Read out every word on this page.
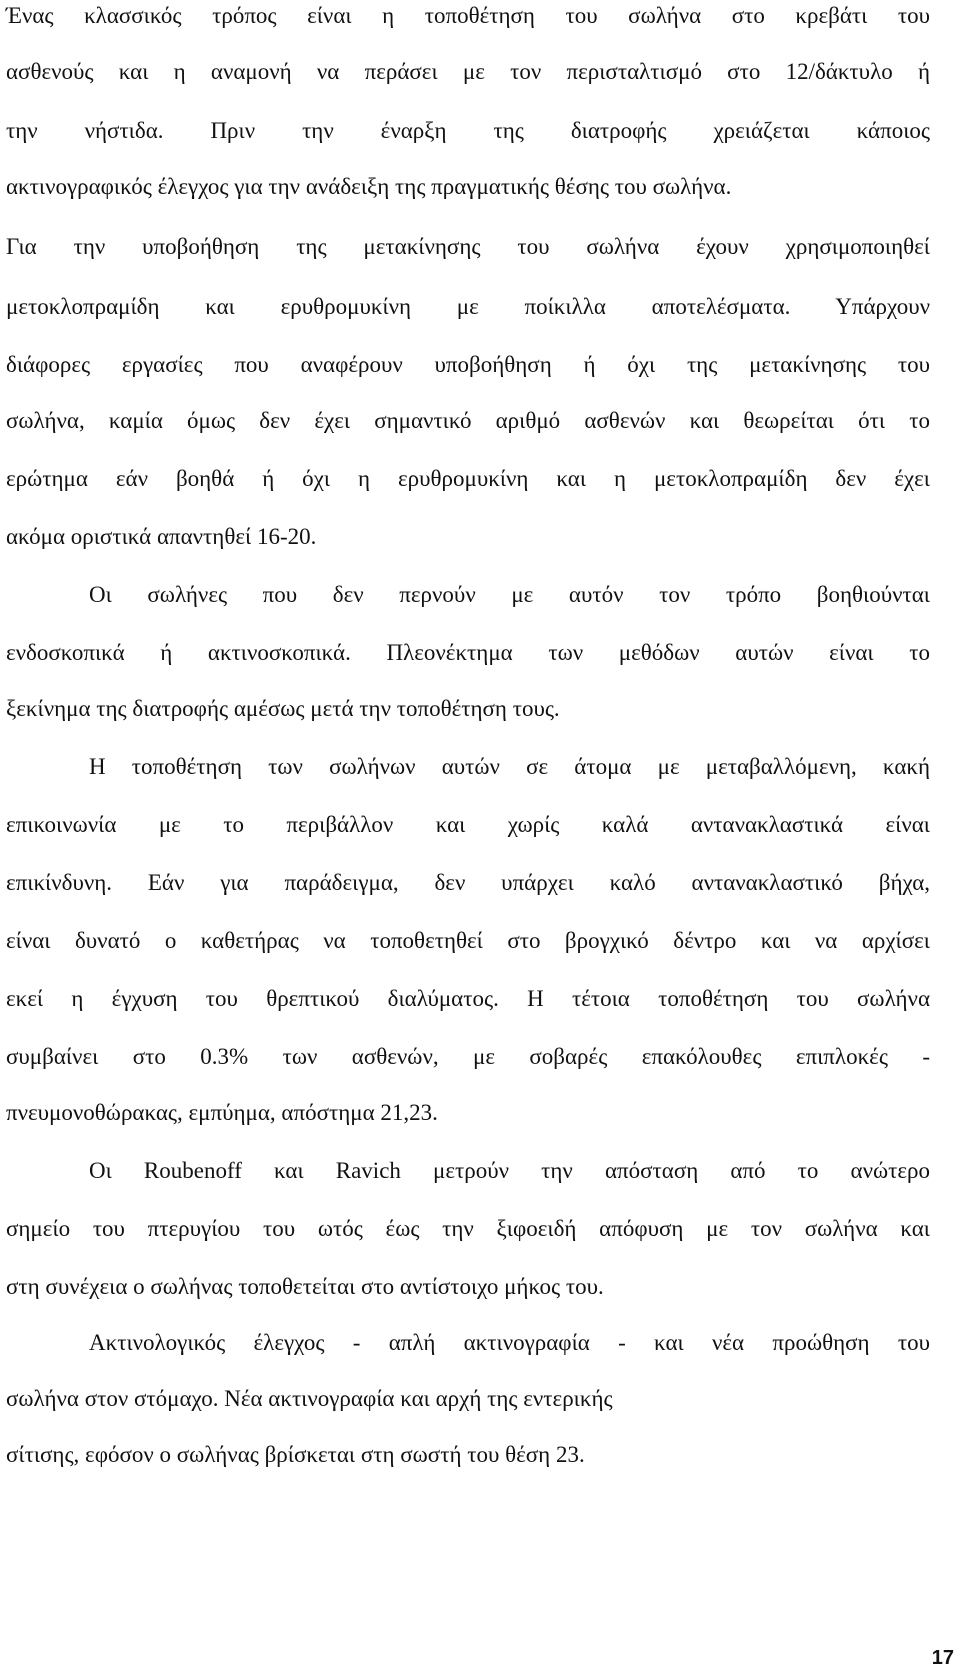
Ένας κλασσικός τρόπος είναι η τοποθέτηση του σωλήνα στο κρεβάτι του
ασθενούς και η αναμονή να περάσει με τον περισταλτισμό στο 12/δάκτυλο ή
την νήστιδα. Πριν την έναρξη της διατροφής χρειάζεται κάποιος
ακτινογραφικός έλεγχος για την ανάδειξη της πραγματικής θέσης του σωλήνα.
Για την υποβοήθηση της μετακίνησης του σωλήνα έχουν χρησιμοποιηθεί
μετοκλοπραμίδη και ερυθρομυκίνη με ποίκιλλα αποτελέσματα. Υπάρχουν
διάφορες εργασίες που αναφέρουν υποβοήθηση ή όχι της μετακίνησης του
σωλήνα, καμία όμως δεν έχει σημαντικό αριθμό ασθενών και θεωρείται ότι το
ερώτημα εάν βοηθά ή όχι η ερυθρομυκίνη και η μετοκλοπραμίδη δεν έχει
ακόμα οριστικά απαντηθεί 16-20.
Οι σωλήνες που δεν περνούν με αυτόν τον τρόπο βοηθιούνται
ενδοσκοπικά ή ακτινοσκοπικά. Πλεονέκτημα των μεθόδων αυτών είναι το
ξεκίνημα της διατροφής αμέσως μετά την τοποθέτηση τους.
Η τοποθέτηση των σωλήνων αυτών σε άτομα με μεταβαλλόμενη, κακή
επικοινωνία με το περιβάλλον και χωρίς καλά αντανακλαστικά είναι
επικίνδυνη. Εάν για παράδειγμα, δεν υπάρχει καλό αντανακλαστικό βήχα,
είναι δυνατό ο καθετήρας να τοποθετηθεί στο βρογχικό δέντρο και να αρχίσει
εκεί η έγχυση του θρεπτικού διαλύματος. Η τέτοια τοποθέτηση του σωλήνα
συμβαίνει στο 0.3% των ασθενών, με σοβαρές επακόλουθες επιπλοκές -
πνευμονοθώρακας, εμπύημα, απόστημα 21,23.
Οι Roubenoff και Ravich μετρούν την απόσταση από το ανώτερο
σημείο του πτερυγίου του ωτός έως την ξιφοειδή απόφυση με τον σωλήνα και
στη συνέχεια ο σωλήνας τοποθετείται στο αντίστοιχο μήκος του.
Ακτινολογικός έλεγχος - απλή ακτινογραφία - και νέα προώθηση του
σωλήνα στον στόμαχο. Νέα ακτινογραφία και αρχή της εντερικής
σίτισης, εφόσον ο σωλήνας βρίσκεται στη σωστή του θέση 23.
17
